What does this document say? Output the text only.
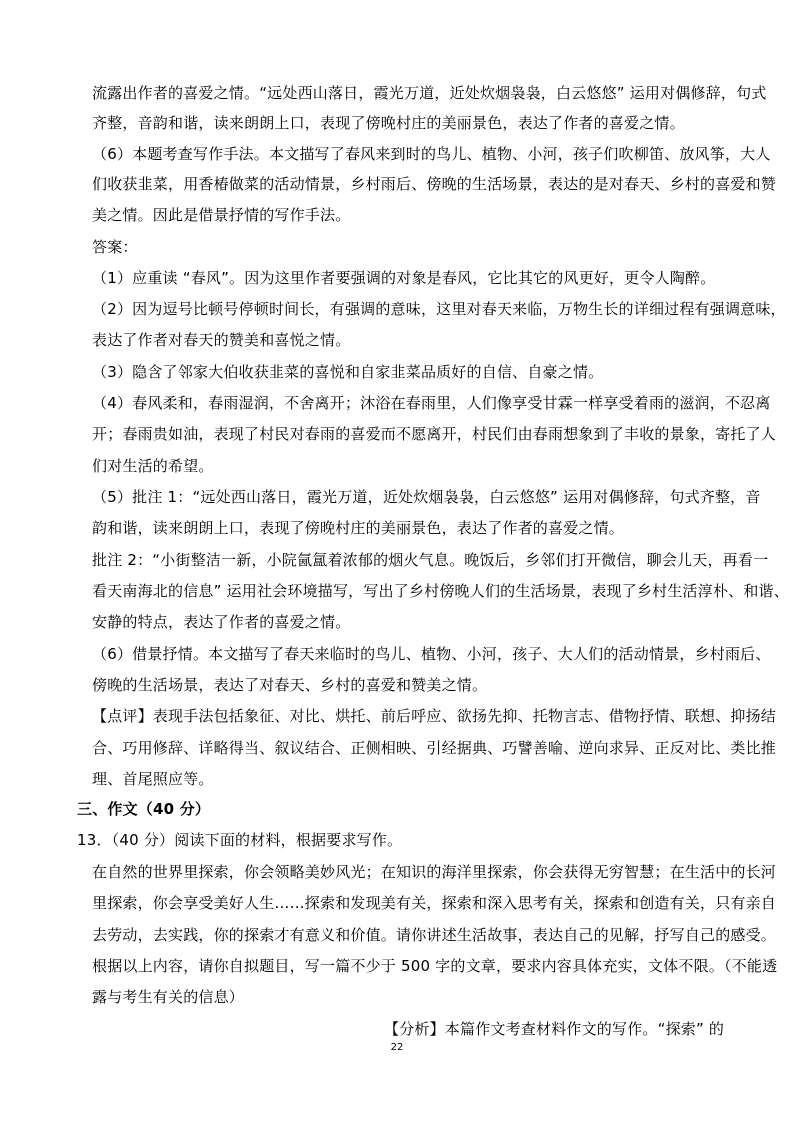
流露出作者的喜爱之情。“远处西山落日，霞光万道，近处炊烟袅袅，白云悠悠” 运用对偶修辞，句式
齐整，音韵和谐，读来朗朗上口，表现了傍晚村庄的美丽景色，表达了作者的喜爱之情。
（6）本题考查写作手法。本文描写了春风来到时的鸟儿、植物、小河，孩子们吹柳笛、放风筝，大人
们收获韭菜，用香椿做菜的活动情景，乡村雨后、傍晚的生活场景，表达的是对春天、乡村的喜爱和赞
美之情。因此是借景抒情的写作手法。
答案：
（1）应重读 “春风”。因为这里作者要强调的对象是春风，它比其它的风更好，更令人陶醉。
（2）因为逗号比顿号停顿时间长，有强调的意味，这里对春天来临，万物生长的详细过程有强调意味，
表达了作者对春天的赞美和喜悦之情。
（3）隐含了邻家大伯收获韭菜的喜悦和自家韭菜品质好的自信、自豪之情。
（4）春风柔和，春雨湿润，不舍离开；沐浴在春雨里，人们像享受甘霖一样享受着雨的滋润，不忍离
开；春雨贵如油，表现了村民对春雨的喜爱而不愿离开，村民们由春雨想象到了丰收的景象，寄托了人
们对生活的希望。
（5）批注 1：“远处西山落日，霞光万道，近处炊烟袅袅，白云悠悠” 运用对偶修辞，句式齐整，音
韵和谐，读来朗朗上口，表现了傍晚村庄的美丽景色，表达了作者的喜爱之情。
批注 2：“小街整洁一新，小院氤氲着浓郁的烟火气息。晚饭后，乡邻们打开微信，聊会儿天，再看一
看天南海北的信息” 运用社会环境描写，写出了乡村傍晚人们的生活场景，表现了乡村生活淳朴、和谐、
安静的特点，表达了作者的喜爱之情。
（6）借景抒情。本文描写了春天来临时的鸟儿、植物、小河，孩子、大人们的活动情景，乡村雨后、
傍晚的生活场景，表达了对春天、乡村的喜爱和赞美之情。
【点评】表现手法包括象征、对比、烘托、前后呼应、欲扬先抑、托物言志、借物抒情、联想、抑扬结
合、巧用修辞、详略得当、叙议结合、正侧相映、引经据典、巧譬善喻、逆向求异、正反对比、类比推
理、首尾照应等。
三、作文（40 分）
13．（40 分）阅读下面的材料，根据要求写作。
在自然的世界里探索，你会领略美妙风光；在知识的海洋里探索，你会获得无穷智慧；在生活中的长河
里探索，你会享受美好人生……探索和发现美有关，探索和深入思考有关，探索和创造有关，只有亲自
去劳动，去实践，你的探索才有意义和价值。请你讲述生活故事，表达自己的见解，抒写自己的感受。
根据以上内容，请你自拟题目，写一篇不少于 500 字的文章，要求内容具体充实，文体不限。（不能透
露与考生有关的信息）
【分析】本篇作文考查材料作文的写作。“探索” 的
22
